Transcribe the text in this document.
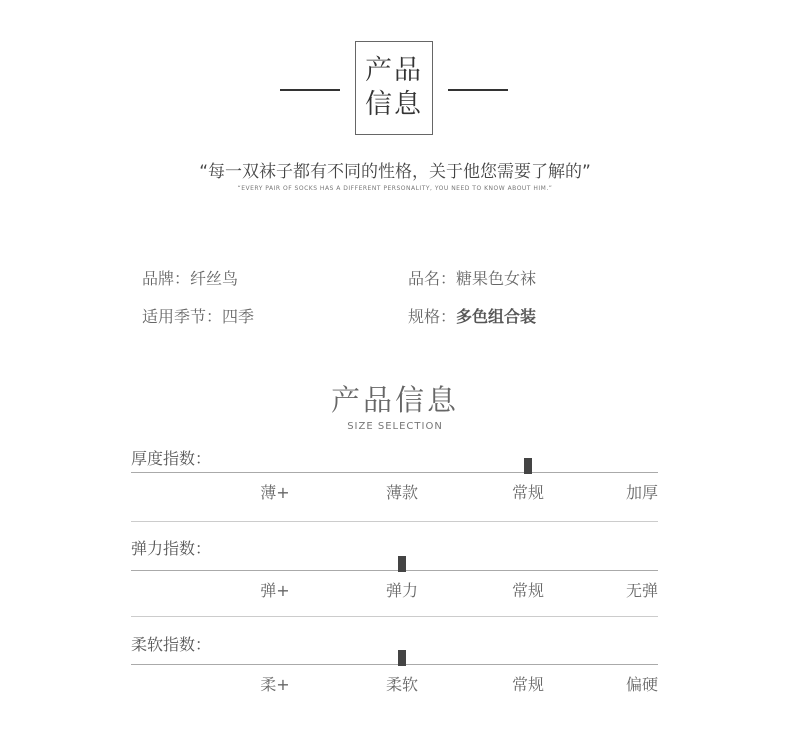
产品
信息
“每一双袜子都有不同的性格，关于他您需要了解的”
“EVERY PAIR OF SOCKS HAS A DIFFERENT PERSONALITY, YOU NEED TO KNOW ABOUT HIM.”
品牌：纤丝鸟	品名：糖果色女袜
适用季节：四季	规格：多色组合装
产品信息
SIZE SELECTION
厚度指数：
薄+	薄款	常规	加厚
弹力指数：
弹+	弹力	常规	无弹
柔软指数：
柔+	柔软	常规	偏硬
